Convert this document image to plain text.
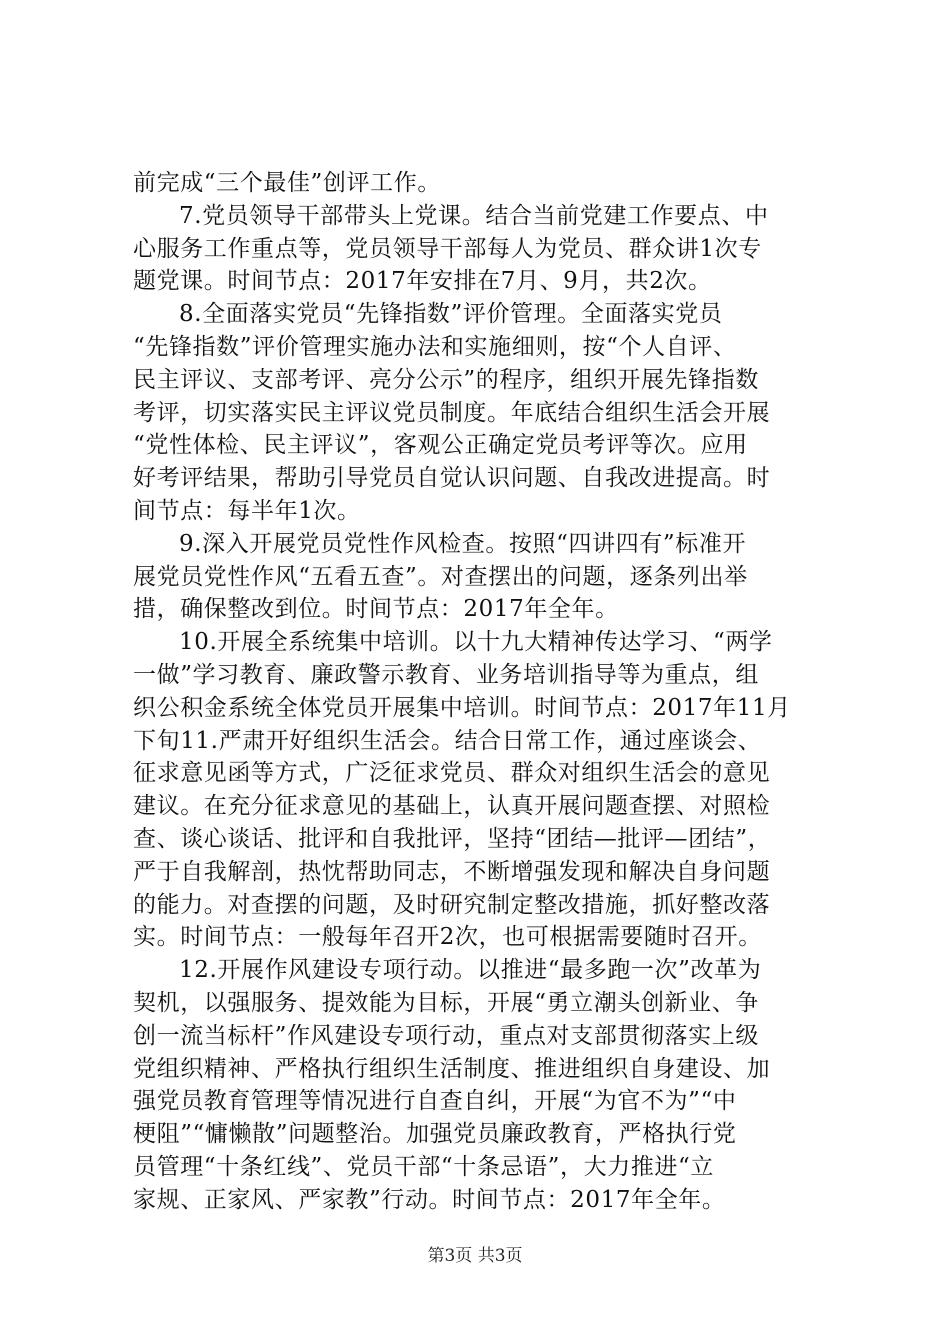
前完成“三个最佳”创评工作。
7.党员领导干部带头上党课。结合当前党建工作要点、中
心服务工作重点等，党员领导干部每人为党员、群众讲1次专
题党课。时间节点：2017年安排在7月、9月，共2次。
8.全面落实党员“先锋指数”评价管理。全面落实党员
“先锋指数”评价管理实施办法和实施细则，按“个人自评、
民主评议、支部考评、亮分公示”的程序，组织开展先锋指数
考评，切实落实民主评议党员制度。年底结合组织生活会开展
“党性体检、民主评议”，客观公正确定党员考评等次。应用
好考评结果，帮助引导党员自觉认识问题、自我改进提高。时
间节点：每半年1次。
9.深入开展党员党性作风检查。按照“四讲四有”标准开
展党员党性作风“五看五查”。对查摆出的问题，逐条列出举
措，确保整改到位。时间节点：2017年全年。
10.开展全系统集中培训。以十九大精神传达学习、“两学
一做”学习教育、廉政警示教育、业务培训指导等为重点，组
织公积金系统全体党员开展集中培训。时间节点：2017年11月
下旬11.严肃开好组织生活会。结合日常工作，通过座谈会、
征求意见函等方式，广泛征求党员、群众对组织生活会的意见
建议。在充分征求意见的基础上，认真开展问题查摆、对照检
查、谈心谈话、批评和自我批评，坚持“团结—批评—团结”，
严于自我解剖，热忱帮助同志，不断增强发现和解决自身问题
的能力。对查摆的问题，及时研究制定整改措施，抓好整改落
实。时间节点：一般每年召开2次，也可根据需要随时召开。
12.开展作风建设专项行动。以推进“最多跑一次”改革为
契机，以强服务、提效能为目标，开展“勇立潮头创新业、争
创一流当标杆”作风建设专项行动，重点对支部贯彻落实上级
党组织精神、严格执行组织生活制度、推进组织自身建设、加
强党员教育管理等情况进行自查自纠，开展“为官不为”“中
梗阻”“慵懒散”问题整治。加强党员廉政教育，严格执行党
员管理“十条红线”、党员干部“十条忌语”，大力推进“立
家规、正家风、严家教”行动。时间节点：2017年全年。
第3页 共3页
